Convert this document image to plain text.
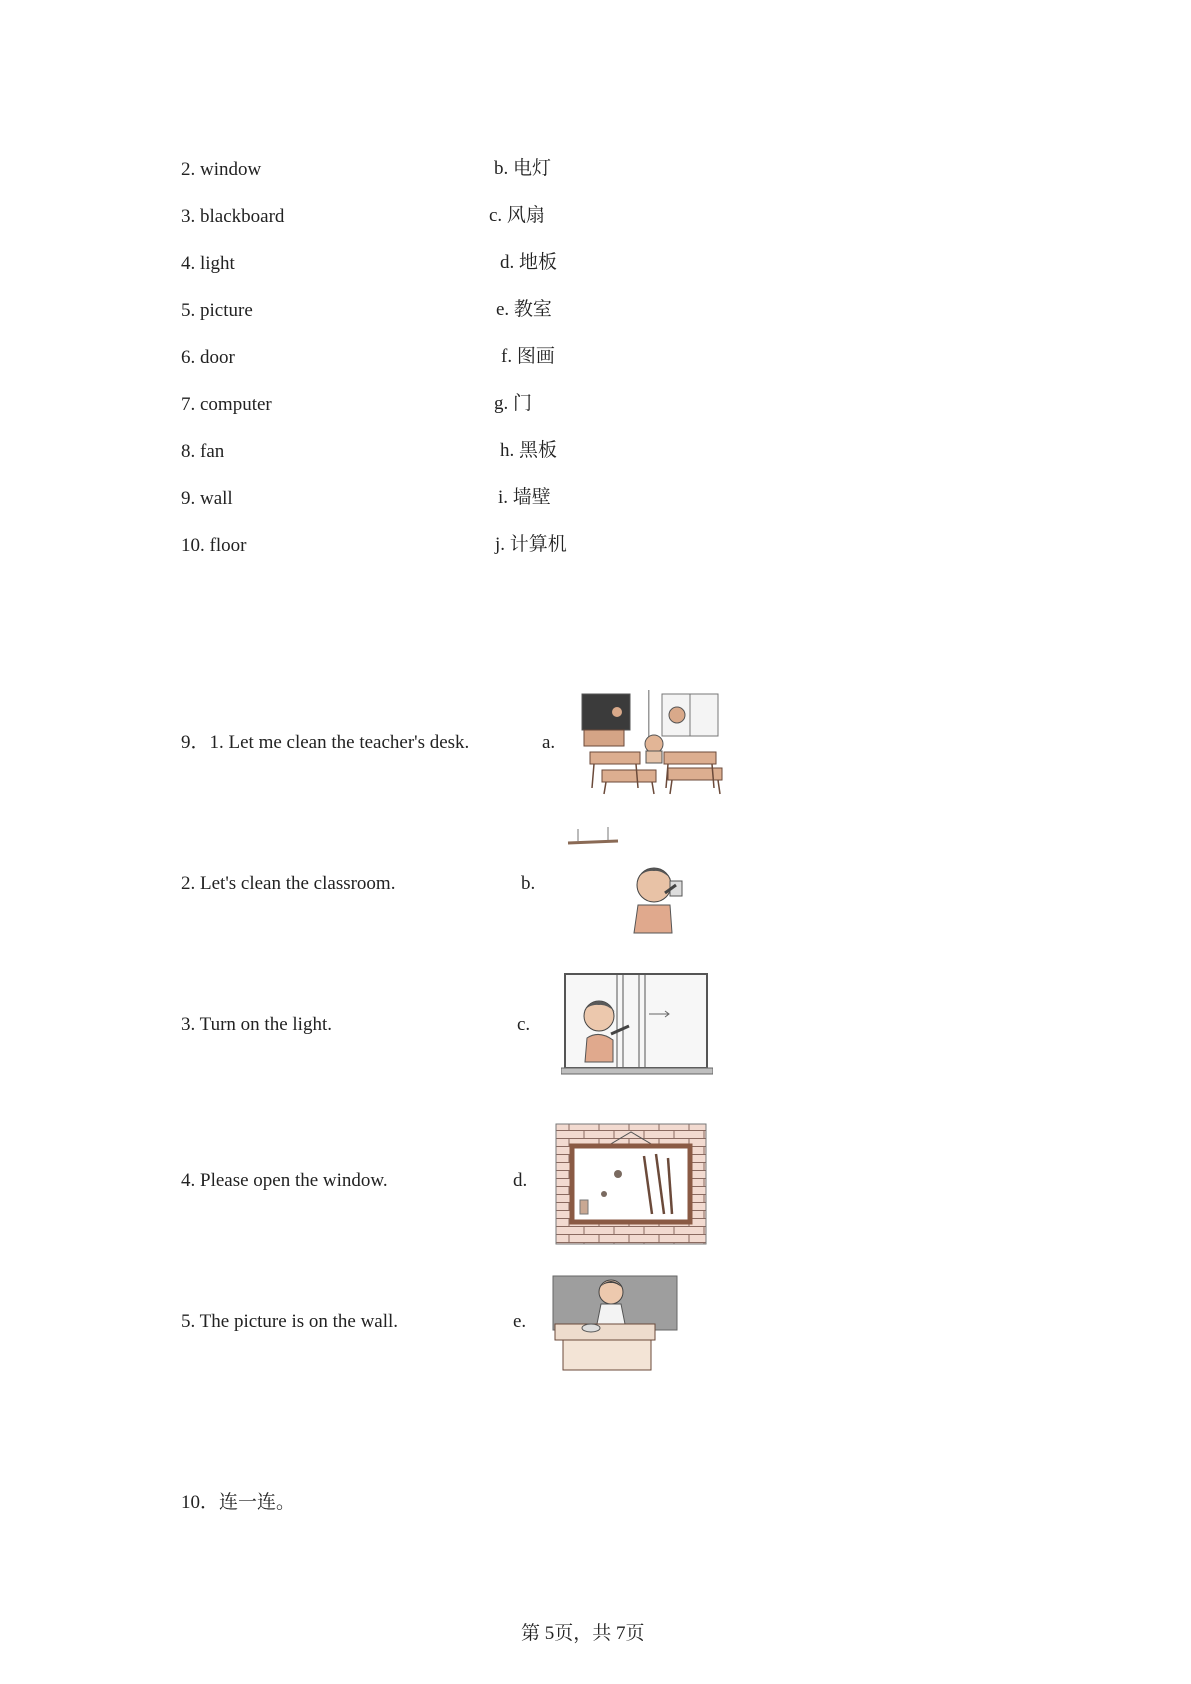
2. window
3. blackboard
4. light
5. picture
6. door
7. computer
8. fan
9. wall
10. floor
b. 电灯
c. 风扇
d. 地板
e. 教室
f. 图画
g. 门
h. 黑板
i. 墙壁
j. 计算机
9．1. Let me clean the teacher's desk.
2. Let's clean the classroom.
3. Turn on the light.
4. Please open the window.
5. The picture is on the wall.
a.
b.
c.
d.
e.
10．连一连。
第 5页，共 7页
